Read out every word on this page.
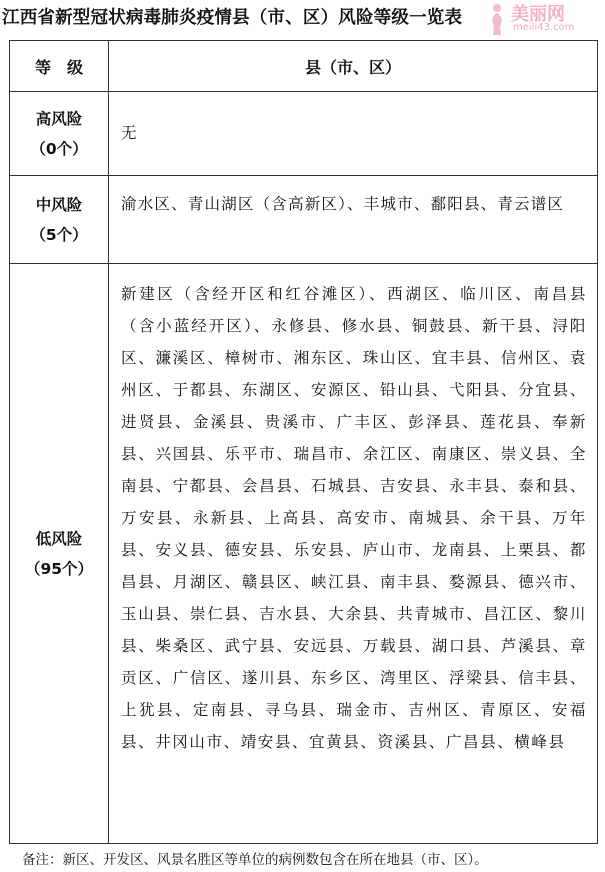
江西省新型冠状病毒肺炎疫情县（市、区）风险等级一览表	美丽网
meili43.com
等　级	县（市、区）

高风险
（0个）	无

中风险
（5个）	渝水区、青山湖区（含高新区）、丰城市、鄱阳县、青云谱区

低风险
（95个）	新建区（含经开区和红谷滩区）、西湖区、临川区、南昌县（含小蓝经开区）、永修县、修水县、铜鼓县、新干县、浔阳区、濂溪区、樟树市、湘东区、珠山区、宜丰县、信州区、袁州区、于都县、东湖区、安源区、铅山县、弋阳县、分宜县、进贤县、金溪县、贵溪市、广丰区、彭泽县、莲花县、奉新县、兴国县、乐平市、瑞昌市、余江区、南康区、崇义县、全南县、宁都县、会昌县、石城县、吉安县、永丰县、泰和县、万安县、永新县、上高县、高安市、南城县、余干县、万年县、安义县、德安县、乐安县、庐山市、龙南县、上栗县、都昌县、月湖区、赣县区、峡江县、南丰县、婺源县、德兴市、玉山县、崇仁县、吉水县、大余县、共青城市、昌江区、黎川县、柴桑区、武宁县、安远县、万载县、湖口县、芦溪县、章贡区、广信区、遂川县、东乡区、湾里区、浮梁县、信丰县、上犹县、定南县、寻乌县、瑞金市、吉州区、青原区、安福县、井冈山市、靖安县、宜黄县、资溪县、广昌县、横峰县
备注：新区、开发区、风景名胜区等单位的病例数包含在所在地县（市、区）。
